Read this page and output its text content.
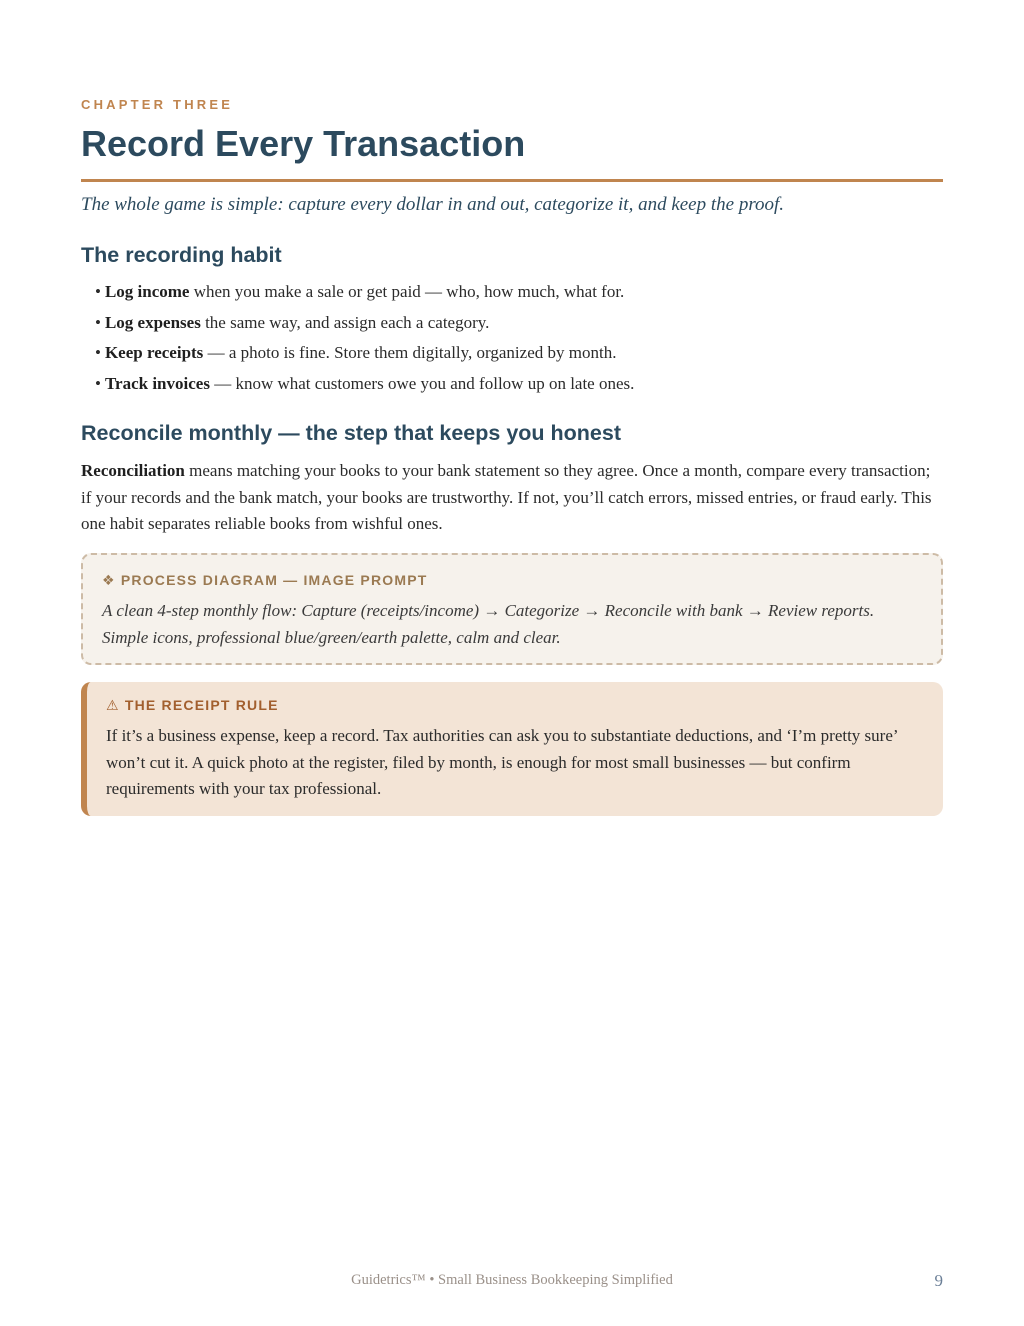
CHAPTER THREE
Record Every Transaction

The whole game is simple: capture every dollar in and out, categorize it, and keep the proof.

The recording habit
• Log income when you make a sale or get paid — who, how much, what for.
• Log expenses the same way, and assign each a category.
• Keep receipts — a photo is fine. Store them digitally, organized by month.
• Track invoices — know what customers owe you and follow up on late ones.
Reconcile monthly — the step that keeps you honest

Reconciliation means matching your books to your bank statement so they agree. Once a month, compare every transaction; if your records and the bank match, your books are trustworthy. If not, you’ll catch errors, missed entries, or fraud early. This one habit separates reliable books from wishful ones.

❖ PROCESS DIAGRAM — IMAGE PROMPT

A clean 4-step monthly flow: Capture (receipts/income) → Categorize → Reconcile with bank → Review reports. Simple icons, professional blue/green/earth palette, calm and clear.

⚠ THE RECEIPT RULE

If it’s a business expense, keep a record. Tax authorities can ask you to substantiate deductions, and ‘I’m pretty sure’ won’t cut it. A quick photo at the register, filed by month, is enough for most small businesses — but confirm requirements with your tax professional.

Guidetrics™ • Small Business Bookkeeping Simplified	9
